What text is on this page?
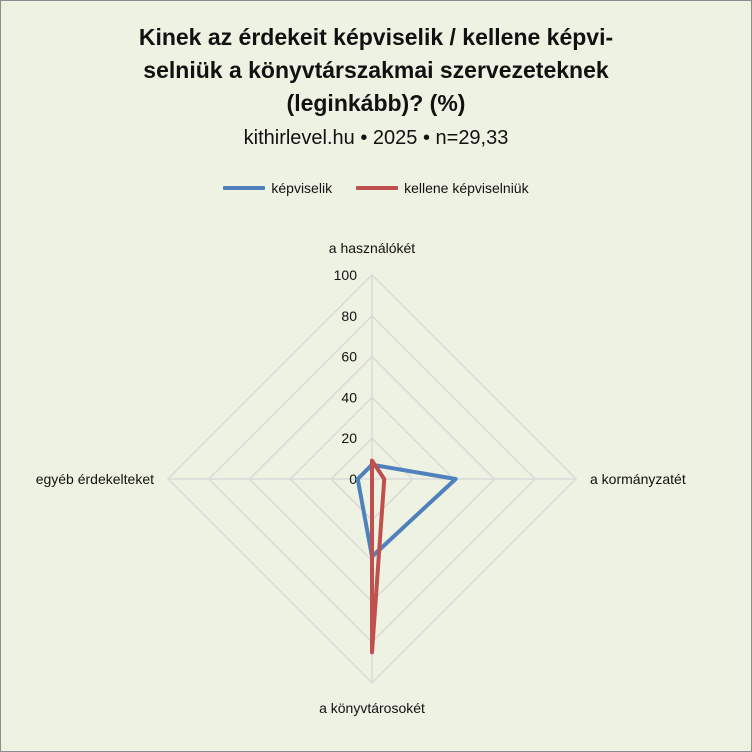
Kinek az érdekeit képviselik / kellene képvi-
selniük a könyvtárszakmai szervezeteknek
(leginkább)? (%)
kithirlevel.hu • 2025 • n=29,33
képviselik	kellene képviselniük
0
20
40
60
80
100
a használókét
a kormányzatét
a könyvtárosokét
egyéb érdekelteket
